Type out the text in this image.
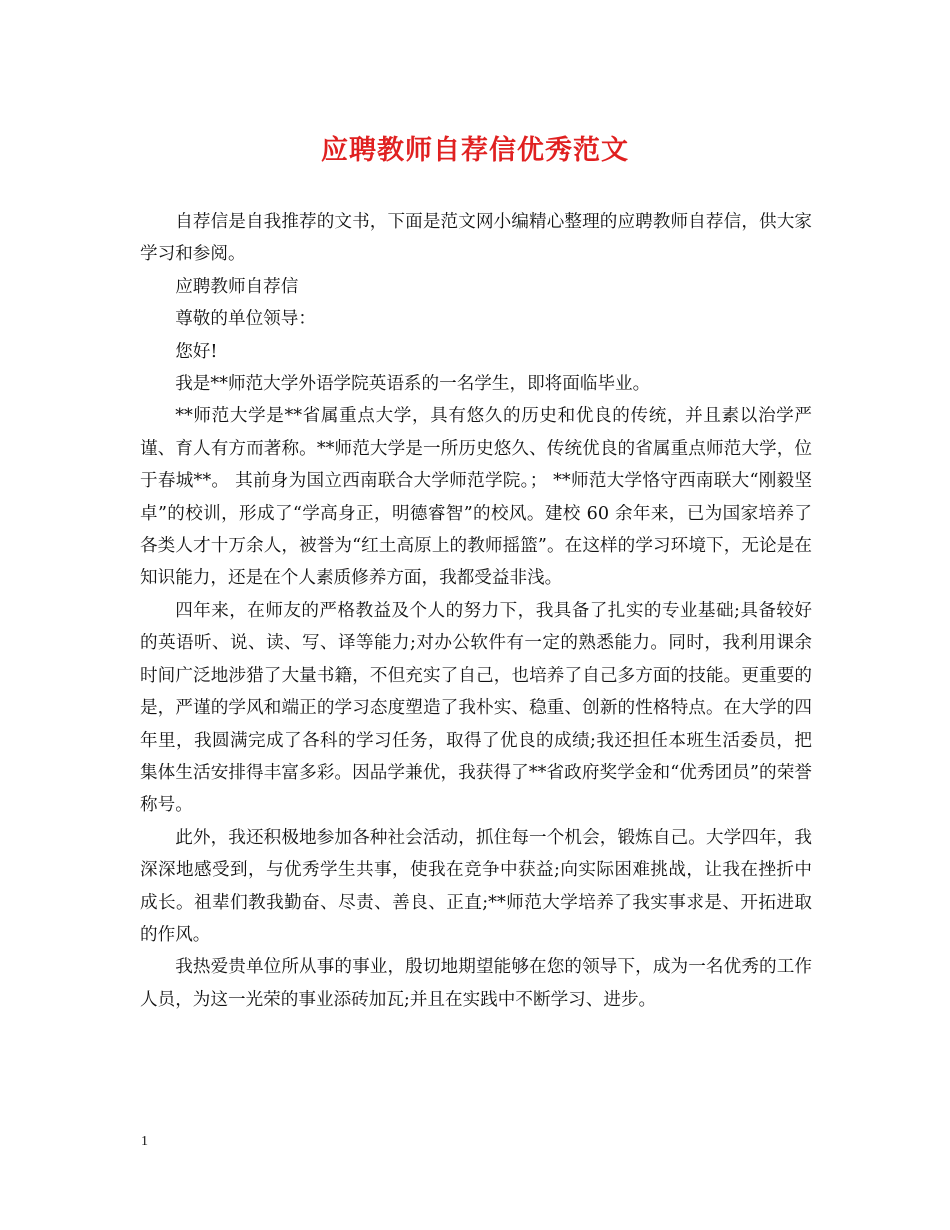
应聘教师自荐信优秀范文

自荐信是自我推荐的文书，下面是范文网小编精心整理的应聘教师自荐信，供大家学习和参阅。

应聘教师自荐信

尊敬的单位领导：

您好!

我是**师范大学外语学院英语系的一名学生，即将面临毕业。

**师范大学是**省属重点大学，具有悠久的历史和优良的传统，并且素以治学严谨、育人有方而著称。**师范大学是一所历史悠久、传统优良的省属重点师范大学，位于春城**。 其前身为国立西南联合大学师范学院。； **师范大学恪守西南联大“刚毅坚卓”的校训，形成了“学高身正，明德睿智”的校风。建校 60 余年来，已为国家培养了各类人才十万余人，被誉为“红土高原上的教师摇篮”。在这样的学习环境下，无论是在知识能力，还是在个人素质修养方面，我都受益非浅。

四年来，在师友的严格教益及个人的努力下，我具备了扎实的专业基础;具备较好的英语听、说、读、写、译等能力;对办公软件有一定的熟悉能力。同时，我利用课余时间广泛地涉猎了大量书籍，不但充实了自己，也培养了自己多方面的技能。更重要的是，严谨的学风和端正的学习态度塑造了我朴实、稳重、创新的性格特点。在大学的四年里，我圆满完成了各科的学习任务，取得了优良的成绩;我还担任本班生活委员，把集体生活安排得丰富多彩。因品学兼优，我获得了**省政府奖学金和“优秀团员”的荣誉称号。

此外，我还积极地参加各种社会活动，抓住每一个机会，锻炼自己。大学四年，我深深地感受到，与优秀学生共事，使我在竞争中获益;向实际困难挑战，让我在挫折中成长。祖辈们教我勤奋、尽责、善良、正直;**师范大学培养了我实事求是、开拓进取的作风。

我热爱贵单位所从事的事业，殷切地期望能够在您的领导下，成为一名优秀的工作人员，为这一光荣的事业添砖加瓦;并且在实践中不断学习、进步。

1
